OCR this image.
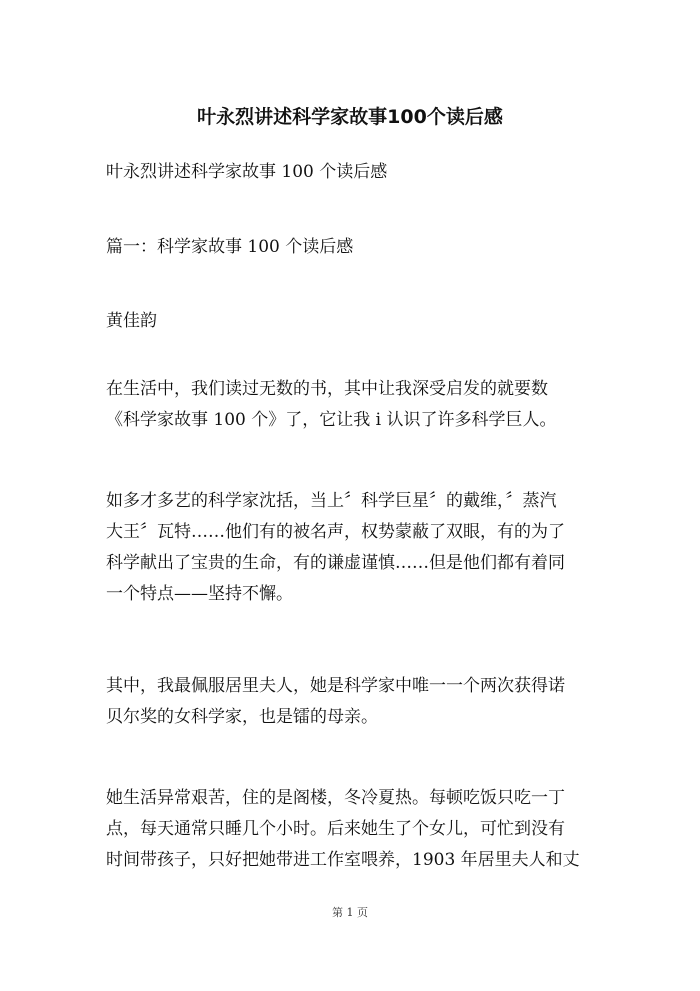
叶永烈讲述科学家故事100个读后感
叶永烈讲述科学家故事 100 个读后感
篇一：科学家故事 100 个读后感
黄佳韵
在生活中，我们读过无数的书，其中让我深受启发的就要数
《科学家故事 100 个》了，它让我 i 认识了许多科学巨人。
如多才多艺的科学家沈括，当上〞科学巨星〞的戴维，〞蒸汽
大王〞瓦特……他们有的被名声，权势蒙蔽了双眼，有的为了
科学献出了宝贵的生命，有的谦虚谨慎……但是他们都有着同
一个特点——坚持不懈。
其中，我最佩服居里夫人，她是科学家中唯一一个两次获得诺
贝尔奖的女科学家，也是镭的母亲。
她生活异常艰苦，住的是阁楼，冬冷夏热。每顿吃饭只吃一丁
点，每天通常只睡几个小时。后来她生了个女儿，可忙到没有
时间带孩子，只好把她带进工作室喂养，1903 年居里夫人和丈
第 1 页
